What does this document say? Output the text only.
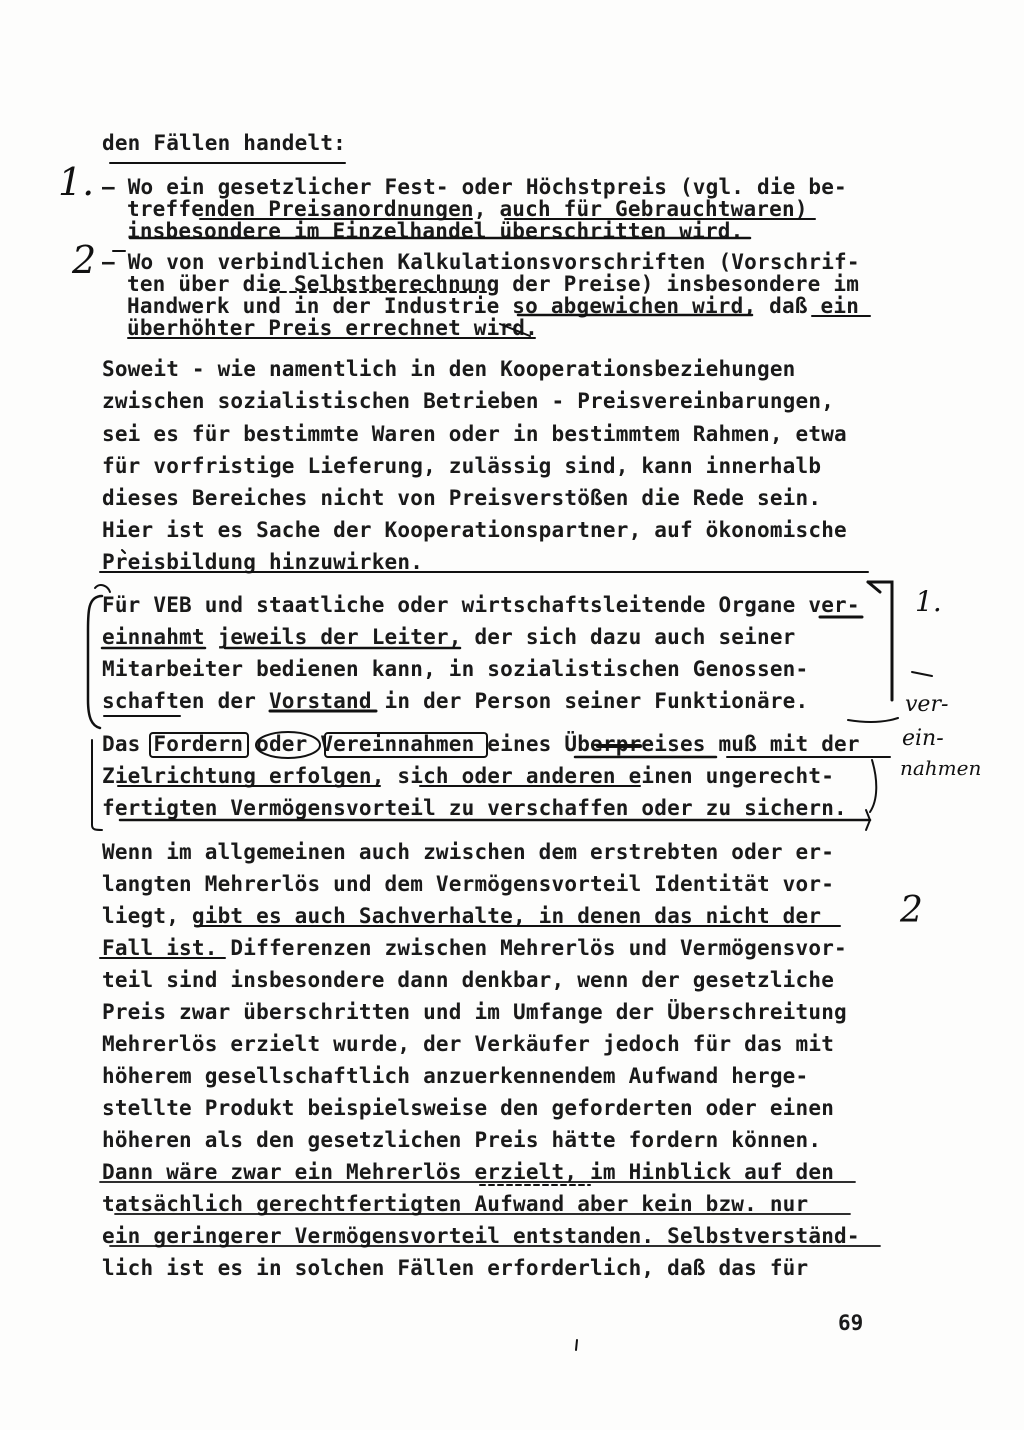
den Fällen handelt:
– Wo ein gesetzlicher Fest- oder Höchstpreis (vgl. die be-
treffenden Preisanordnungen, auch für Gebrauchtwaren)
insbesondere im Einzelhandel überschritten wird.
– Wo von verbindlichen Kalkulationsvorschriften (Vorschrif-
ten über die Selbstberechnung der Preise) insbesondere im
Handwerk und in der Industrie so abgewichen wird, daß ein
überhöhter Preis errechnet wird.
Soweit - wie namentlich in den Kooperationsbeziehungen
zwischen sozialistischen Betrieben - Preisvereinbarungen,
sei es für bestimmte Waren oder in bestimmtem Rahmen, etwa
für vorfristige Lieferung, zulässig sind, kann innerhalb
dieses Bereiches nicht von Preisverstößen die Rede sein.
Hier ist es Sache der Kooperationspartner, auf ökonomische
Preisbildung hinzuwirken.
Für VEB und staatliche oder wirtschaftsleitende Organe ver-
einnahmt jeweils der Leiter, der sich dazu auch seiner
Mitarbeiter bedienen kann, in sozialistischen Genossen-
schaften der Vorstand in der Person seiner Funktionäre.
Das Fordern oder Vereinnahmen eines Überpreises muß mit der
Zielrichtung erfolgen, sich oder anderen einen ungerecht-
fertigten Vermögensvorteil zu verschaffen oder zu sichern.
Wenn im allgemeinen auch zwischen dem erstrebten oder er-
langten Mehrerlös und dem Vermögensvorteil Identität vor-
liegt, gibt es auch Sachverhalte, in denen das nicht der
Fall ist. Differenzen zwischen Mehrerlös und Vermögensvor-
teil sind insbesondere dann denkbar, wenn der gesetzliche
Preis zwar überschritten und im Umfange der Überschreitung
Mehrerlös erzielt wurde, der Verkäufer jedoch für das mit
höherem gesellschaftlich anzuerkennendem Aufwand herge-
stellte Produkt beispielsweise den geforderten oder einen
höheren als den gesetzlichen Preis hätte fordern können.
Dann wäre zwar ein Mehrerlös erzielt, im Hinblick auf den
tatsächlich gerechtfertigten Aufwand aber kein bzw. nur
ein geringerer Vermögensvorteil entstanden. Selbstverständ-
lich ist es in solchen Fällen erforderlich, daß das für
1.
2
1.
ver-
ein-
nahmen
2
69
